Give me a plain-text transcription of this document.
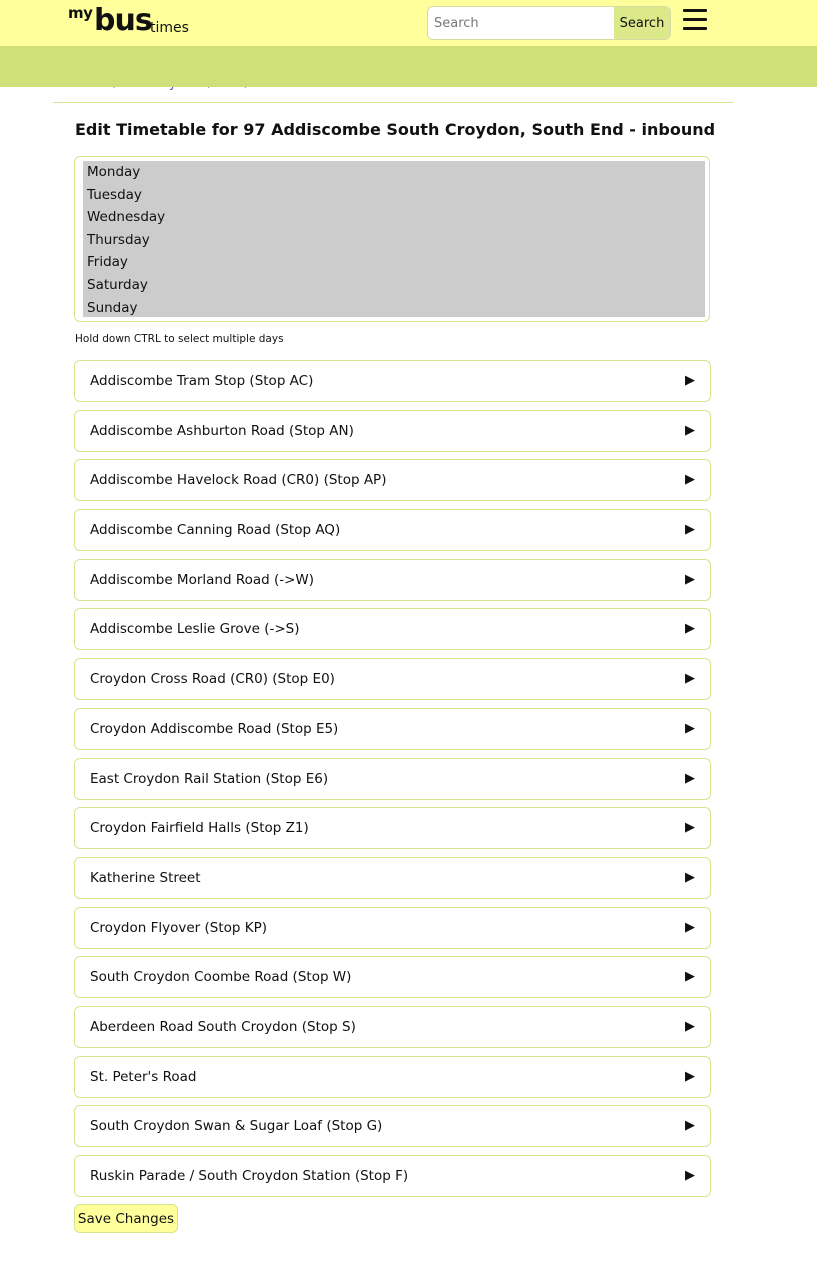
my bus
times
Search	Search
Edit Timetable for 97 Addiscombe South Croydon, South End - inbound
Monday
Tuesday
Wednesday
Thursday
Friday
Saturday
Sunday
Hold down CTRL to select multiple days
Addiscombe Tram Stop (Stop AC)	▶
Addiscombe Ashburton Road (Stop AN)	▶
Addiscombe Havelock Road (CR0) (Stop AP)	▶
Addiscombe Canning Road (Stop AQ)	▶
Addiscombe Morland Road (->W)	▶
Addiscombe Leslie Grove (->S)	▶
Croydon Cross Road (CR0) (Stop E0)	▶
Croydon Addiscombe Road (Stop E5)	▶
East Croydon Rail Station (Stop E6)	▶
Croydon Fairfield Halls (Stop Z1)	▶
Katherine Street	▶
Croydon Flyover (Stop KP)	▶
South Croydon Coombe Road (Stop W)	▶
Aberdeen Road South Croydon (Stop S)	▶
St. Peter's Road	▶
South Croydon Swan & Sugar Loaf (Stop G)	▶
Ruskin Parade / South Croydon Station (Stop F)	▶
Save Changes
